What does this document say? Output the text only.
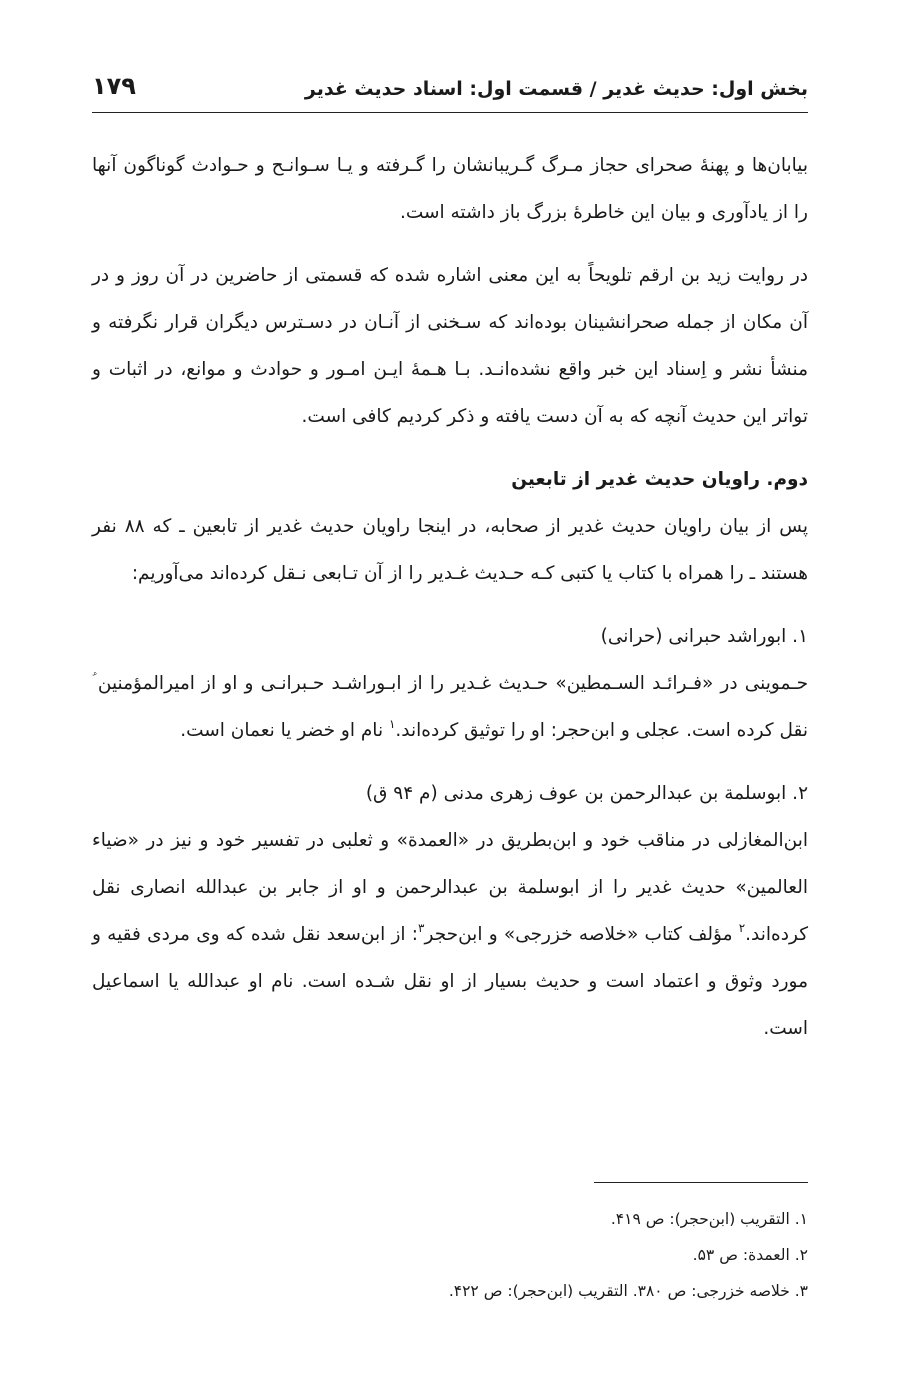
بخش اول: حدیث غدیر / قسمت اول: اسناد حدیث غدیر
۱۷۹

بیابان‌ها و پهنهٔ صحرای حجاز مـرگ گـریبانشان را گـرفته و یـا سـوانـح و حـوادث گوناگون آنها را از یادآوری و بیان این خاطرهٔ بزرگ باز داشته است.

در روایت زید بن ارقم تلویحاً به این معنی اشاره شده که قسمتی از حاضرین در آن روز و در آن مکان از جمله صحرانشینان بوده‌اند که سـخنی از آنـان در دسـترس دیگران قرار نگرفته و منشأ نشر و اِسناد این خبر واقع نشده‌انـد. بـا هـمهٔ ایـن امـور و حوادث و موانع، در اثبات و تواتر این حدیث آنچه که به آن دست یافته و ذکر کردیم کافی است.

دوم. راویان حدیث غدیر از تابعین

پس از بیان راویان حدیث غدیر از صحابه، در اینجا راویان حدیث غدیر از تابعین ـ که ۸۸ نفر هستند ـ را همراه با کتاب یا کتبی کـه حـدیث غـدیر را از آن تـابعی نـقل کرده‌اند می‌آوریم:

۱. ابوراشد حبرانی (حرانی)

حـموینی در «فـرائـد السـمطین» حـدیث غـدیر را از ابـوراشـد حـبرانـی و او از امیرالمؤمنین ؑ نقل کرده است. عجلی و ابن‌حجر: او را توثیق کرده‌اند.$^۱$ نام او خضر یا نعمان است.

۲. ابوسلمة بن عبدالرحمن بن عوف زهری مدنی (م ۹۴ ق)

ابن‌المغازلی در مناقب خود و ابن‌بطریق در «العمدة» و ثعلبی در تفسیر خود و نیز در «ضیاء العالمین» حدیث غدیر را از ابوسلمة بن عبدالرحمن و او از جابر بن عبدالله انصاری نقل کرده‌اند.$^۲$ مؤلف کتاب «خلاصه خزرجی» و ابن‌حجر$^۳$: از ابن‌سعد نقل شده که وی مردی فقیه و مورد وثوق و اعتماد است و حدیث بسیار از او نقل شـده است. نام او عبدالله یا اسماعیل است.

۱. التقریب (ابن‌حجر): ص ۴۱۹.

۲. العمدة: ص ۵۳.

۳. خلاصه خزرجی: ص ۳۸۰. التقریب (ابن‌حجر): ص ۴۲۲.
